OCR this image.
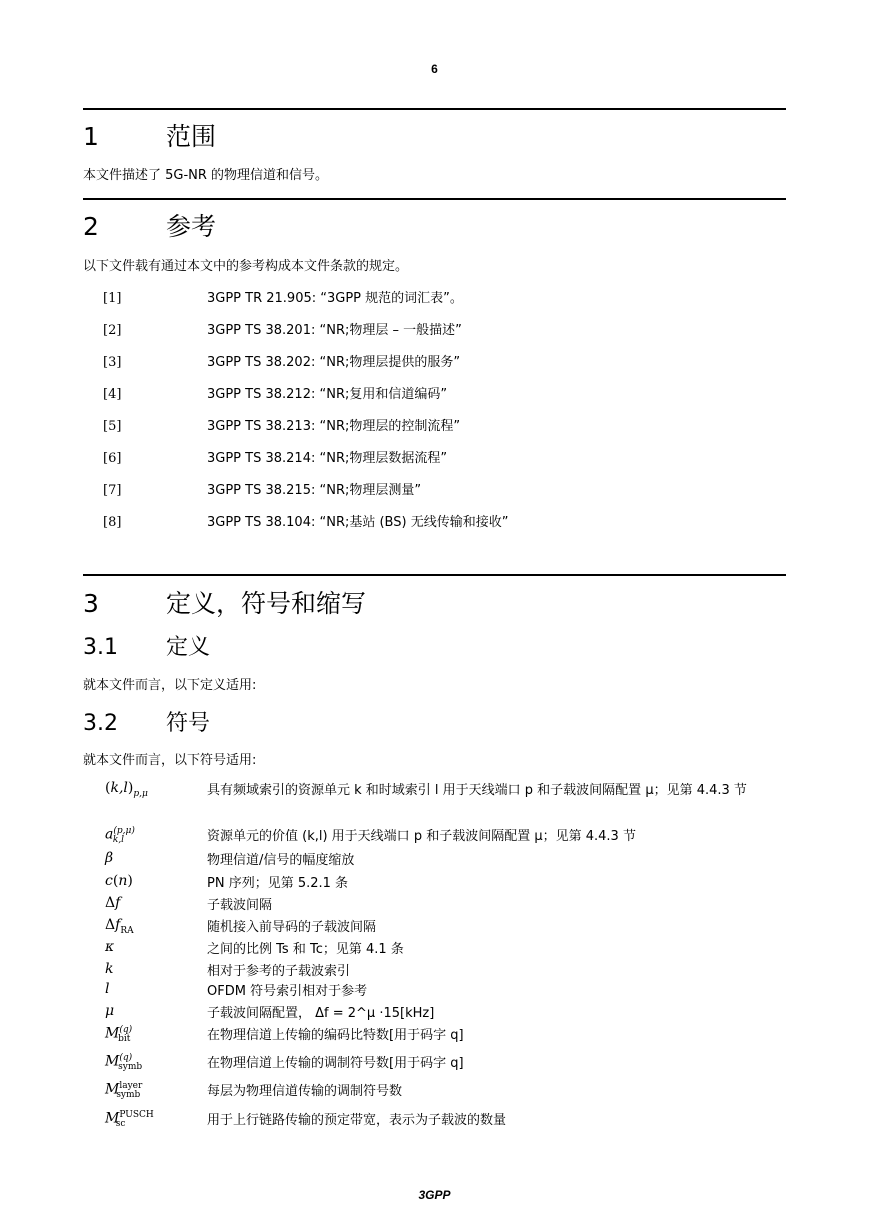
6
1	范围
本文件描述了 5G-NR 的物理信道和信号。
2	参考
以下文件载有通过本文中的参考构成本文件条款的规定。
[1]	3GPP TR 21.905: “3GPP 规范的词汇表”。
[2]	3GPP TS 38.201: “NR;物理层 – 一般描述”
[3]	3GPP TS 38.202: “NR;物理层提供的服务”
[4]	3GPP TS 38.212: “NR;复用和信道编码”
[5]	3GPP TS 38.213: “NR;物理层的控制流程”
[6]	3GPP TS 38.214: “NR;物理层数据流程”
[7]	3GPP TS 38.215: “NR;物理层测量”
[8]	3GPP TS 38.104: “NR;基站 (BS) 无线传输和接收”
3	定义，符号和缩写
3.1 定义
就本文件而言，以下定义适用:
3.2 符号
就本文件而言，以下符号适用:
$(k,l)_{p,\mu}$	具有频域索引的资源单元 k 和时域索引 l 用于天线端口 p 和子载波间隔配置 μ；见第 4.4.3 节
$a^{(p,\mu)}_{k,l}$	资源单元的价值 (k,l) 用于天线端口 p 和子载波间隔配置 μ；见第 4.4.3 节
β	物理信道/信号的幅度缩放
c(n)	PN 序列；见第 5.2.1 条
Δf	子载波间隔
$\Delta f_{RA}$	随机接入前导码的子载波间隔
κ	之间的比例 Ts 和 Tc；见第 4.1 条
k	相对于参考的子载波索引
l	OFDM 符号索引相对于参考
μ	子载波间隔配置， Δf = 2^μ ·15[kHz]
$M^{(q)}_{bit}$	在物理信道上传输的编码比特数[用于码字 q]
$M^{(q)}_{symb}$	在物理信道上传输的调制符号数[用于码字 q]
$M^{layer}_{symb}$	每层为物理信道传输的调制符号数
$M^{PUSCH}_{sc}$	用于上行链路传输的预定带宽，表示为子载波的数量
3GPP
